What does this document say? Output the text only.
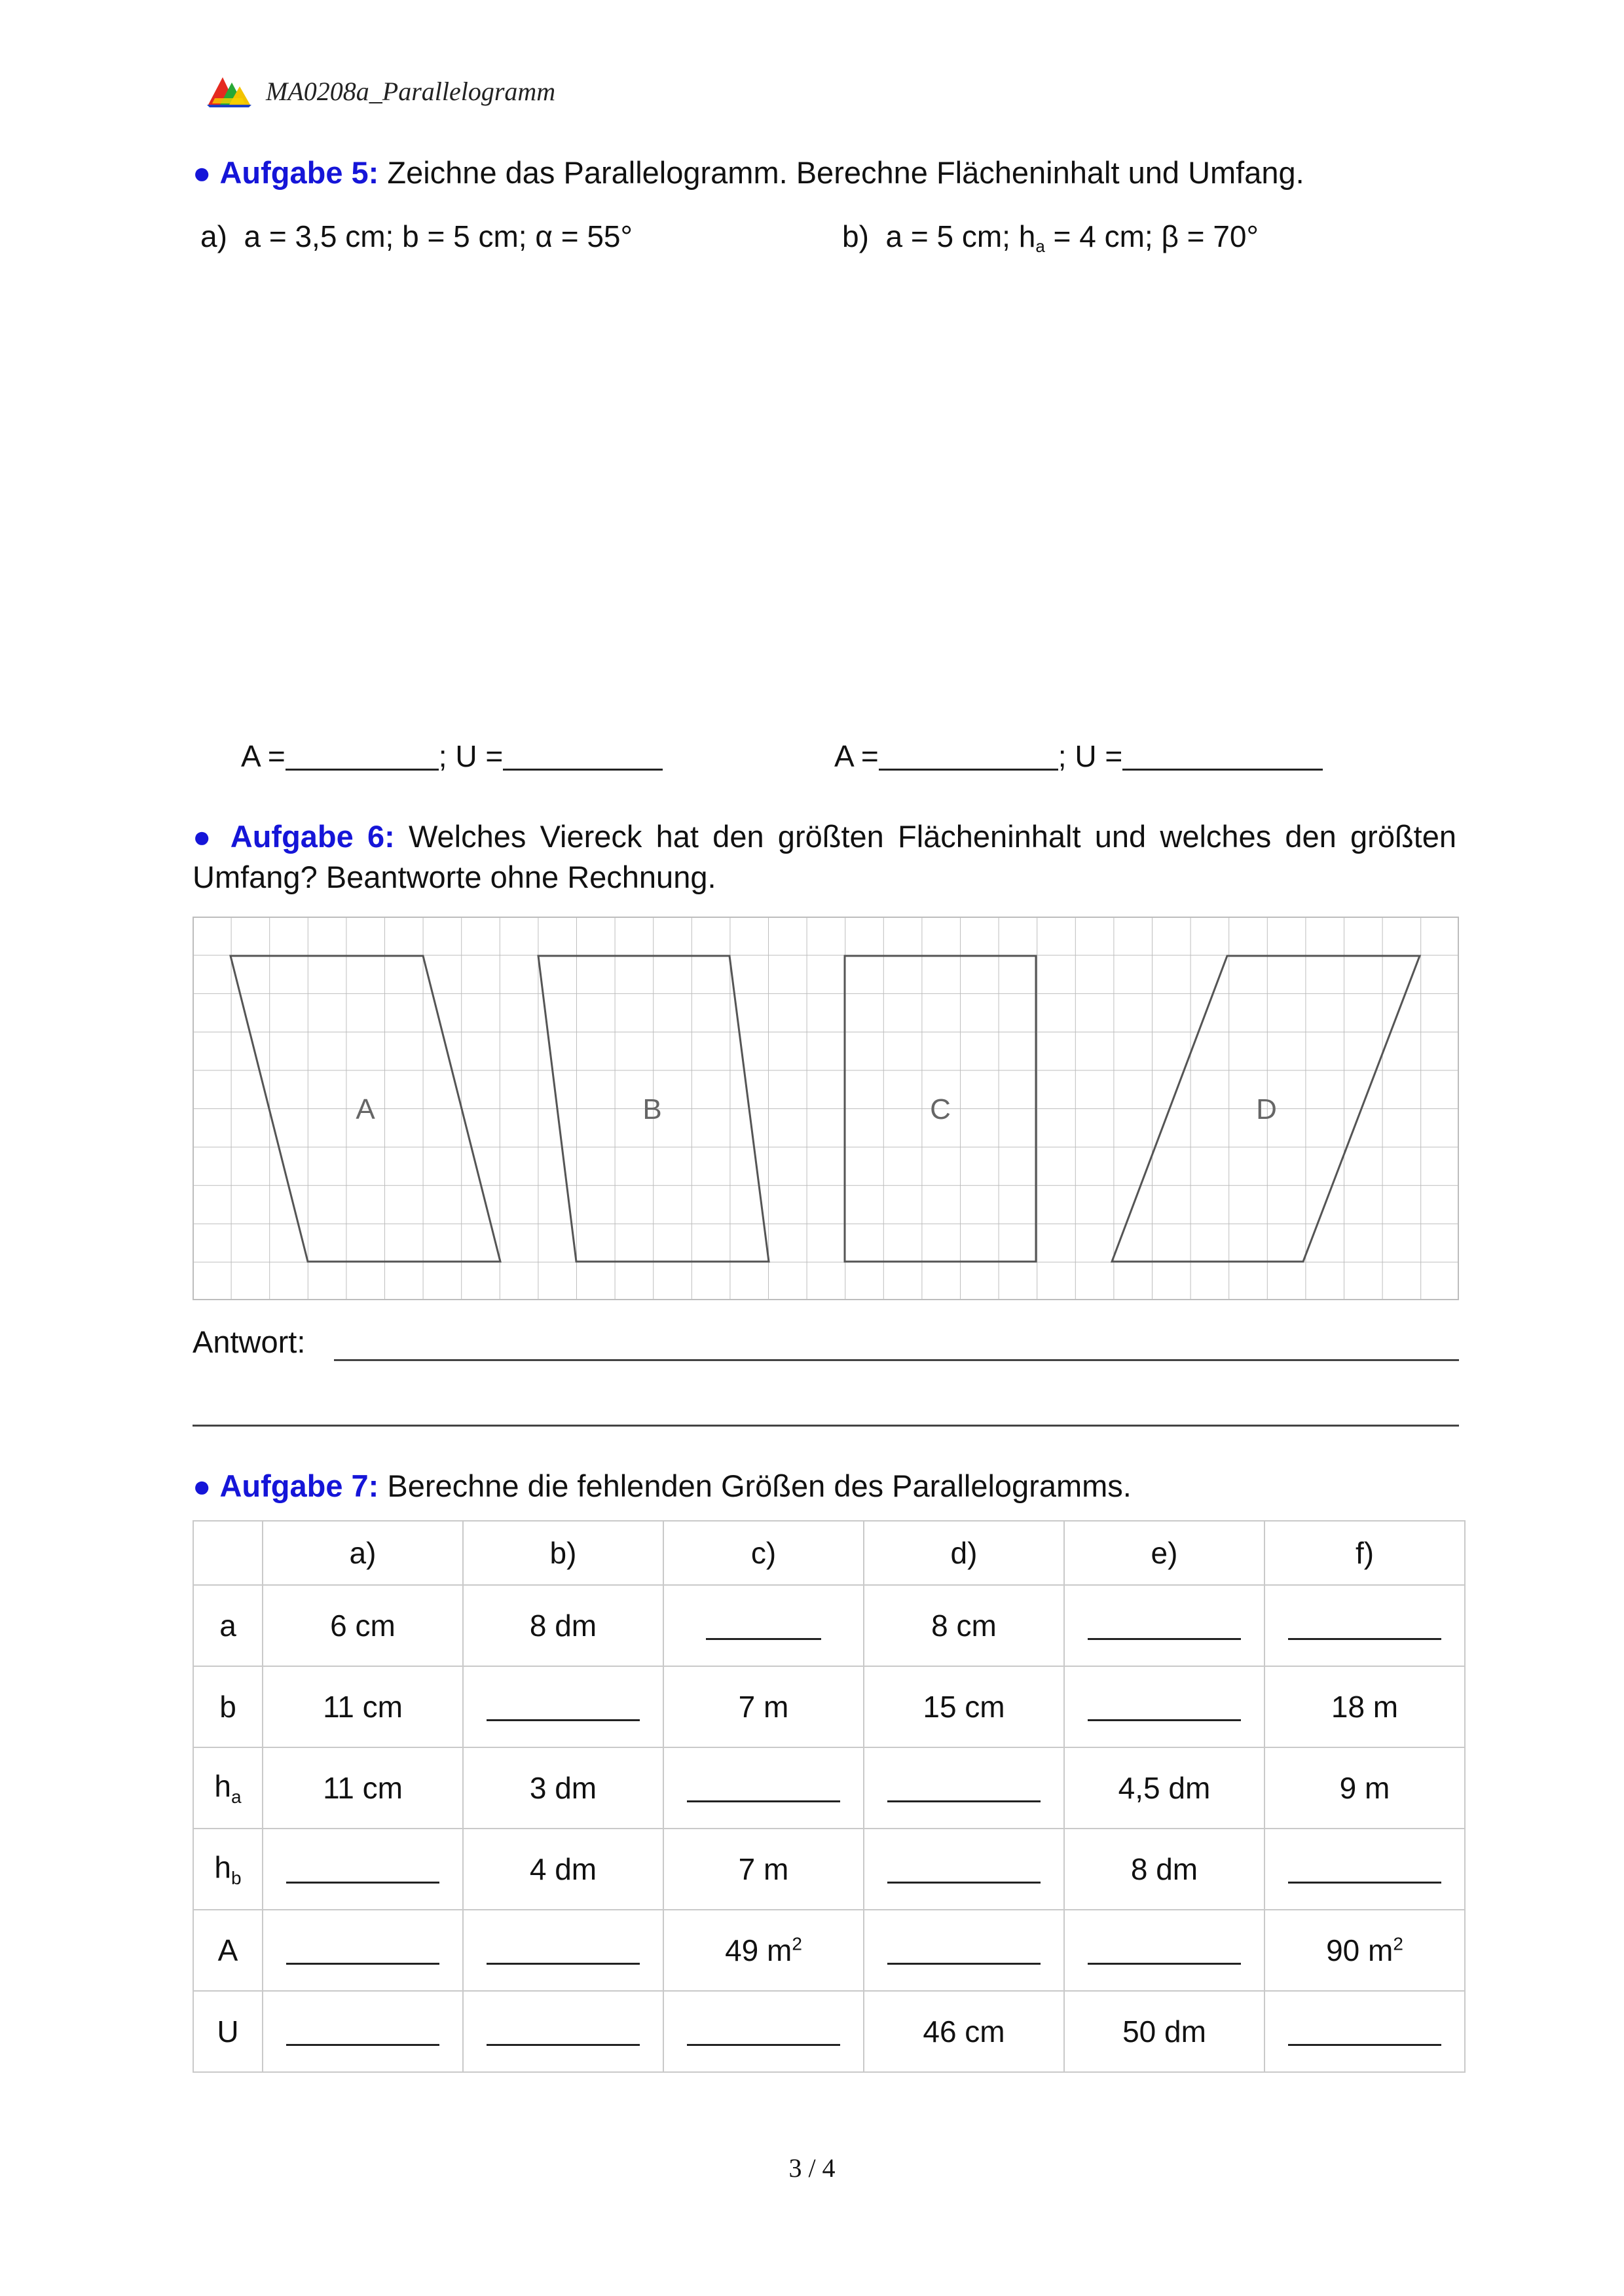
MA0208a_Parallelogramm
● Aufgabe 5: Zeichne das Parallelogramm. Berechne Flächeninhalt und Umfang.
a) a = 3,5 cm; b = 5 cm; α = 55°	b) a = 5 cm; ha = 4 cm; β = 70°
A =	; U =	A =	; U =
● Aufgabe 6: Welches Viereck hat den größten Flächeninhalt und welches den größten Umfang? Beantworte ohne Rechnung.
A	B	C	D
Antwort:
● Aufgabe 7: Berechne die fehlenden Größen des Parallelogramms.
	a)	b)	c)	d)	e)	f)
a	6 cm	8 dm		8 cm		
b	11 cm		7 m	15 cm		18 m
$h_a$	11 cm	3 dm			4,5 dm	9 m
$h_b$		4 dm	7 m		8 dm	
A			49 $m^2$			90 $m^2$
U				46 cm	50 dm	
3 / 4
